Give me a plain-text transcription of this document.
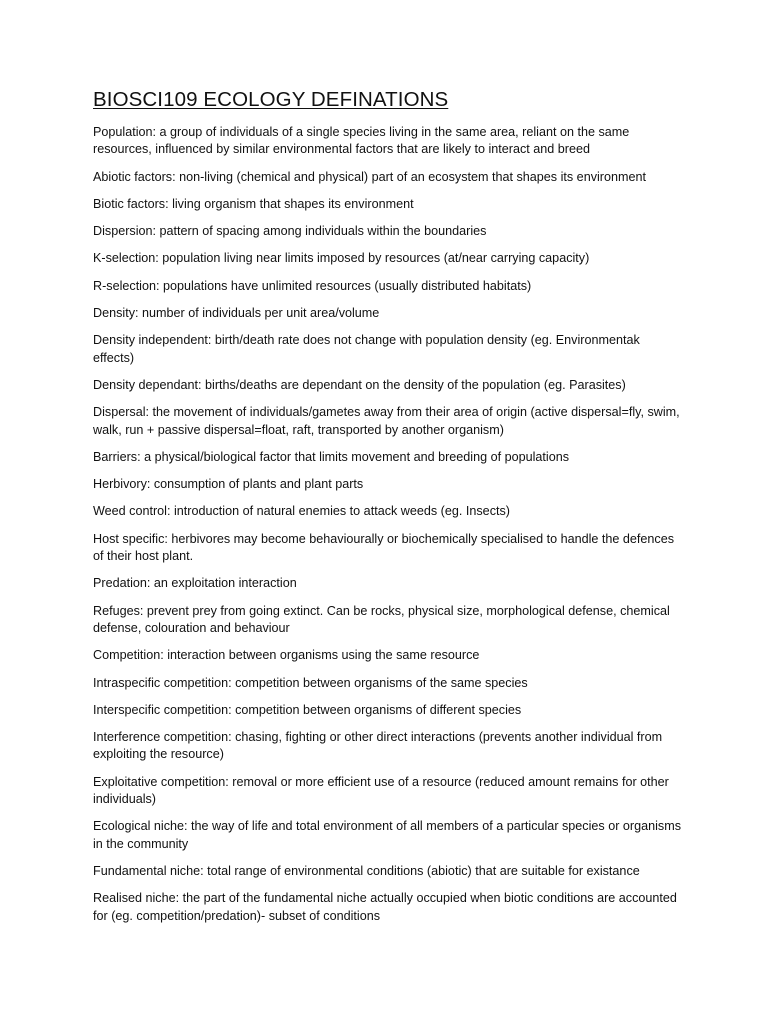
BIOSCI109 ECOLOGY DEFINATIONS
Population: a group of individuals of a single species living in the same area, reliant on the same resources, influenced by similar environmental factors that are likely to interact and breed
Abiotic factors: non-living (chemical and physical) part of an ecosystem that shapes its environment
Biotic factors: living organism that shapes its environment
Dispersion: pattern of spacing among individuals within the boundaries
K-selection: population living near limits imposed by resources (at/near carrying capacity)
R-selection: populations have unlimited resources (usually distributed habitats)
Density: number of individuals per unit area/volume
Density independent: birth/death rate does not change with population density (eg. Environmentak effects)
Density dependant: births/deaths are dependant on the density of the population (eg. Parasites)
Dispersal: the movement of individuals/gametes away from their area of origin (active dispersal=fly, swim, walk, run + passive dispersal=float, raft, transported by another organism)
Barriers: a physical/biological factor that limits movement and breeding of populations
Herbivory: consumption of plants and plant parts
Weed control: introduction of natural enemies to attack weeds (eg. Insects)
Host specific: herbivores may become behaviourally or biochemically specialised to handle the defences of their host plant.
Predation: an exploitation interaction
Refuges: prevent prey from going extinct. Can be rocks, physical size, morphological defense, chemical defense, colouration and behaviour
Competition: interaction between organisms using the same resource
Intraspecific competition: competition between organisms of the same species
Interspecific competition: competition between organisms of different species
Interference competition: chasing, fighting or other direct interactions (prevents another individual from exploiting the resource)
Exploitative competition: removal or more efficient use of a resource (reduced amount remains for other individuals)
Ecological niche: the way of life and total environment of all members of a particular species or organisms in the community
Fundamental niche: total range of environmental conditions (abiotic) that are suitable for existance
Realised niche: the part of the fundamental niche actually occupied when biotic conditions are accounted for (eg. competition/predation)- subset of conditions
